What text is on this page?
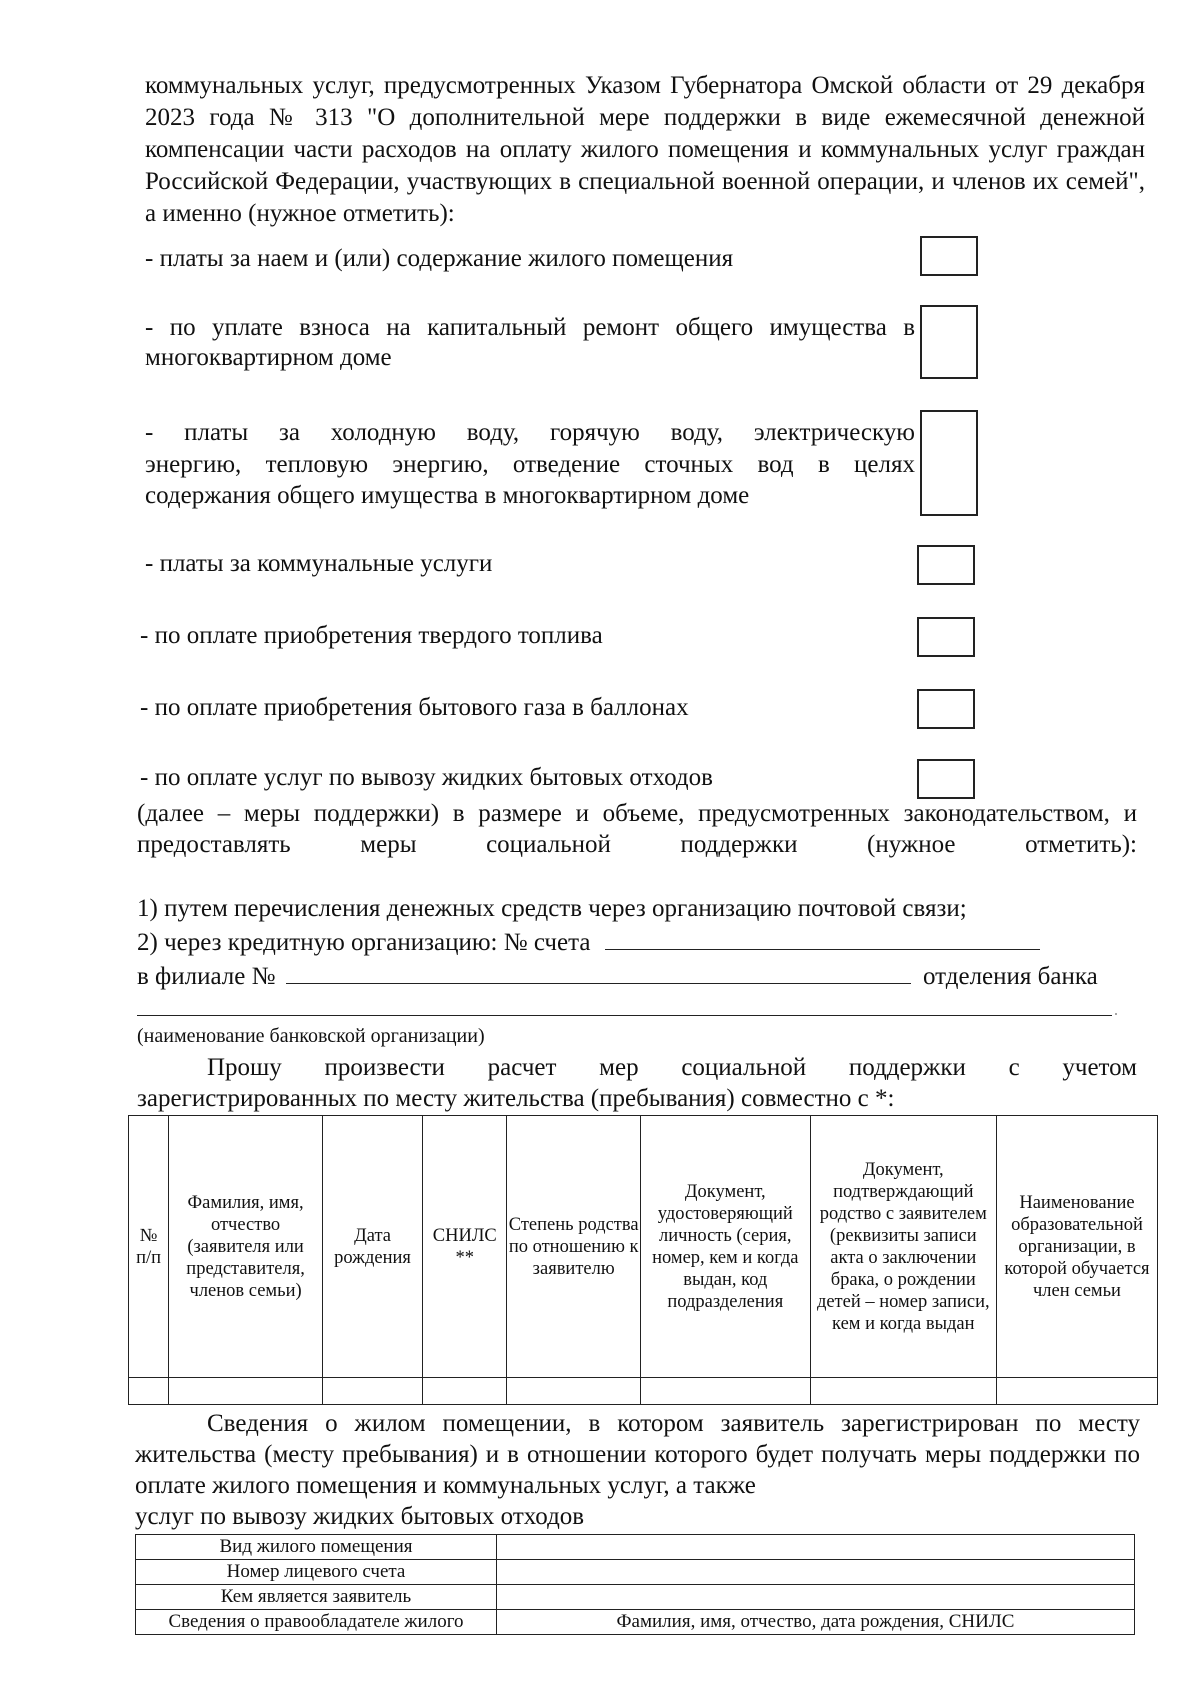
коммунальных услуг, предусмотренных Указом Губернатора Омской области от 29 декабря 2023 года № 313 "О дополнительной мере поддержки в виде ежемесячной денежной компенсации части расходов на оплату жилого помещения и коммунальных услуг граждан Российской Федерации, участвующих в специальной военной операции, и членов их семей", а именно (нужное отметить):
- платы за наем и (или) содержание жилого помещения
- по уплате взноса на капитальный ремонт общего имущества в
многоквартирном доме
- платы за холодную воду, горячую воду, электрическую
энергию, тепловую энергию, отведение сточных вод в целях
содержания общего имущества в многоквартирном доме
- платы за коммунальные услуги
- по оплате приобретения твердого топлива
- по оплате приобретения бытового газа в баллонах
- по оплате услуг по вывозу жидких бытовых отходов
(далее – меры поддержки) в размере и объеме, предусмотренных законодательством, и предоставлять меры социальной поддержки (нужное отметить):
1) путем перечисления денежных средств через организацию почтовой связи;
2) через кредитную организацию: № счета
в филиале №	отделения банка
(наименование банковской организации)
Прошу произвести расчет мер социальной поддержки с учетом
зарегистрированных по месту жительства (пребывания) совместно с *:
№ п/п	Фамилия, имя, отчество (заявителя или представителя, членов семьи)	Дата рождения	СНИЛС **	Степень родства по отношению к заявителю	Документ, удостоверяющий личность (серия, номер, кем и когда выдан, код подразделения	Документ, подтверждающий родство с заявителем (реквизиты записи акта о заключении брака, о рождении детей – номер записи, кем и когда выдан	Наименование образовательной организации, в которой обучается член семьи

Сведения о жилом помещении, в котором заявитель зарегистрирован по месту жительства (месту пребывания) и в отношении которого будет получать меры поддержки по оплате жилого помещения и коммунальных услуг, а также
услуг по вывозу жидких бытовых отходов
Вид жилого помещения	
Номер лицевого счета	
Кем является заявитель	
Сведения о правообладателе жилого	Фамилия, имя, отчество, дата рождения, СНИЛС
